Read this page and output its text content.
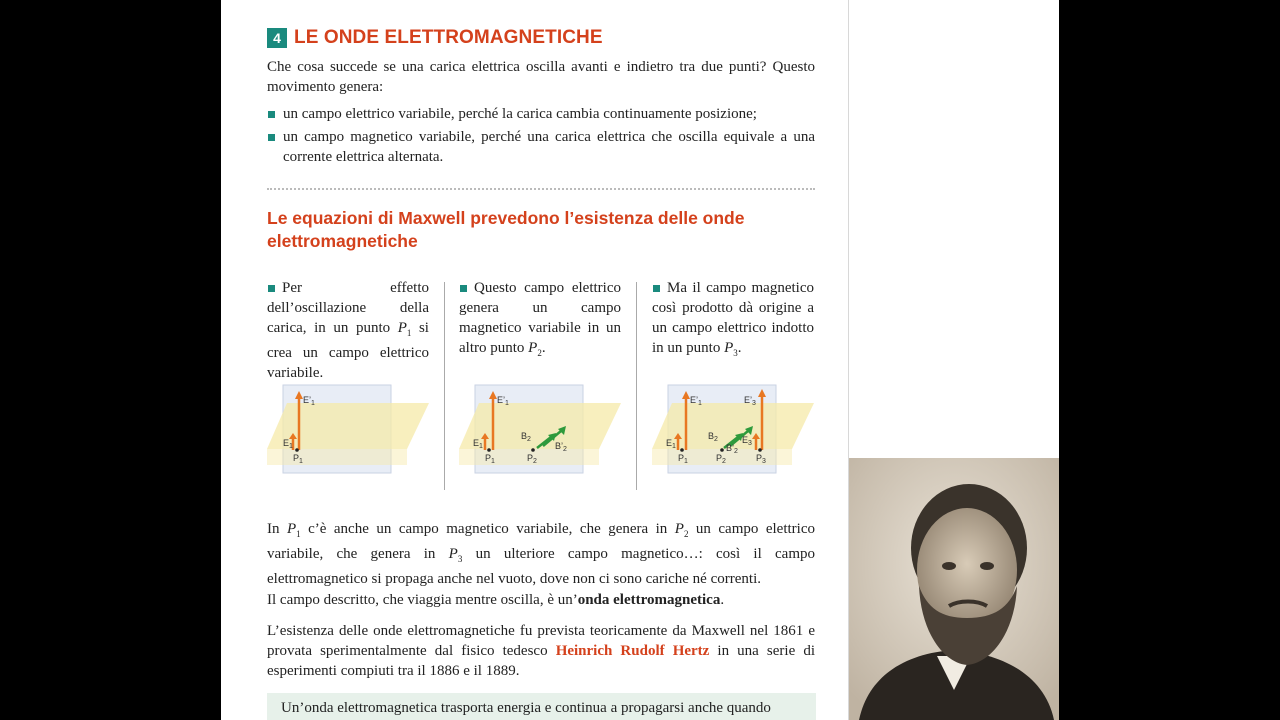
4 LE ONDE ELETTROMAGNETICHE
Che cosa succede se una carica elettrica oscilla avanti e indietro tra due punti? Questo movimento genera:
un campo elettrico variabile, perché la carica cambia continuamente posizione;
un campo magnetico variabile, perché una carica elettrica che oscilla equivale a una corrente elettrica alternata.
Le equazioni di Maxwell prevedono l’esistenza delle onde elettromagnetiche
Per effetto dell’oscillazione della carica, in un punto $P_1$ si crea un campo elettrico variabile.
Questo campo elettrico genera un campo magnetico variabile in un altro punto $P_2$.
Ma il campo magnetico così prodotto dà origine a un campo elettrico indotto in un punto $P_3$.
$E’_1$
$E_1$
$P_1$
$E’_1$
$E_1$
$B_2$
$B’_2$
$P_1$	$P_2$
$E’_1$
$E_1$
$B_2$
$B’_2$
$E_3$
$E’_3$
$P_1$	$P_2$	$P_3$
In $P_1$ c’è anche un campo magnetico variabile, che genera in $P_2$ un campo elettrico variabile, che genera in $P_3$ un ulteriore campo magnetico…: così il campo elettromagnetico si propaga anche nel vuoto, dove non ci sono cariche né correnti.
Il campo descritto, che viaggia mentre oscilla, è un’onda elettromagnetica.
L’esistenza delle onde elettromagnetiche fu prevista teoricamente da Maxwell nel 1861 e provata sperimentalmente dal fisico tedesco Heinrich Rudolf Hertz in una serie di esperimenti compiuti tra il 1886 e il 1889.
Un’onda elettromagnetica trasporta energia e continua a propagarsi anche quando
